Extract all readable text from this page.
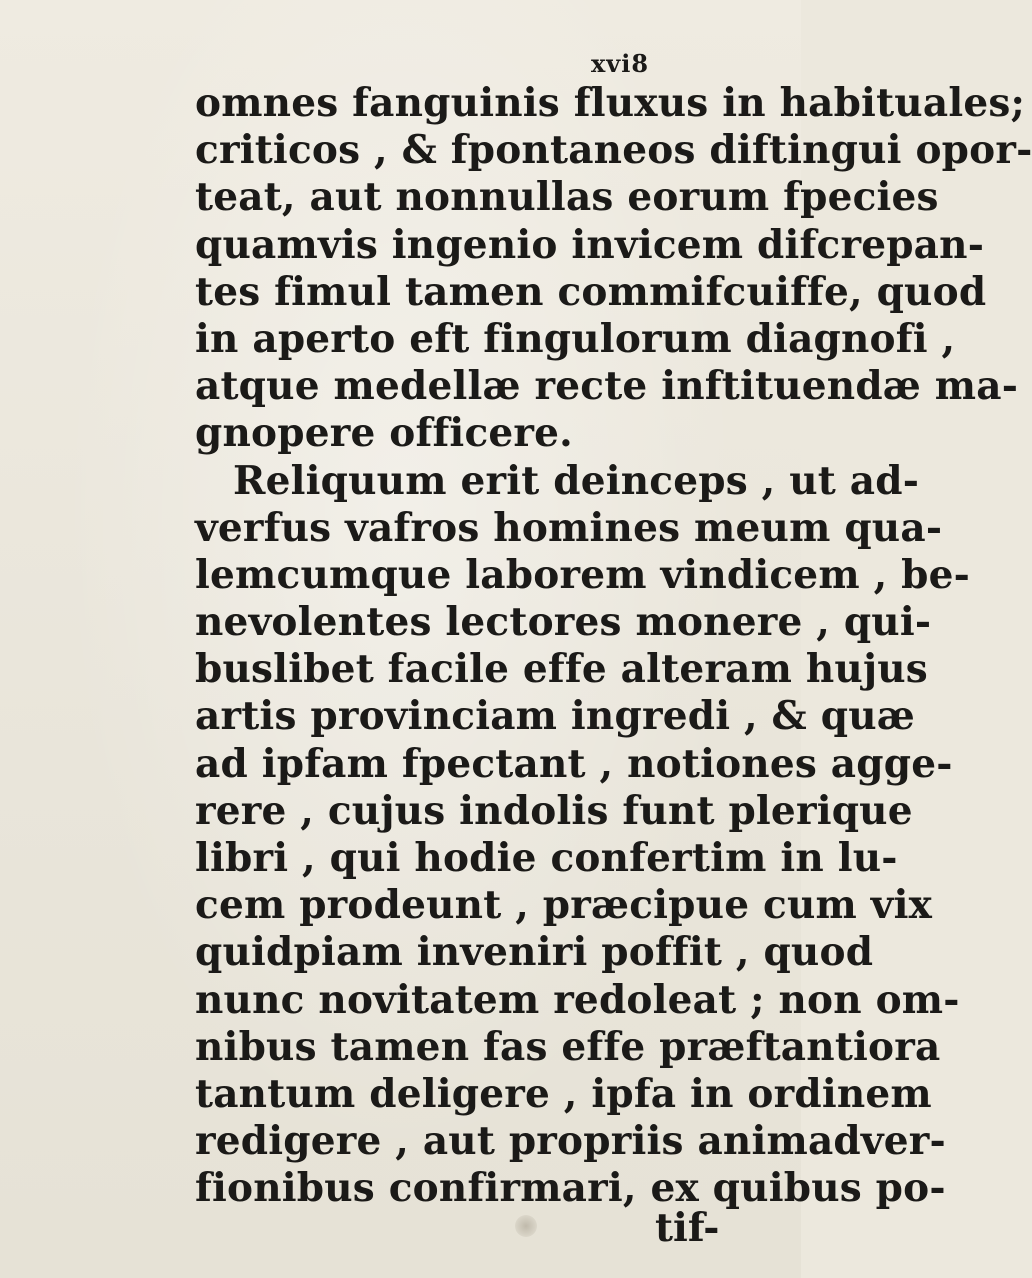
xvi8
omnes fanguinis fluxus in habituales;
criticos , & fpontaneos diftingui opor-
teat, aut nonnullas eorum fpecies
quamvis ingenio invicem difcrepan-
tes fimul tamen commifcuiffe, quod
in aperto eft fingulorum diagnofi ,
atque medellæ recte inftituendæ ma-
gnopere officere.
Reliquum erit deinceps , ut ad-
verfus vafros homines meum qua-
lemcumque laborem vindicem , be-
nevolentes lectores monere , qui-
buslibet facile effe alteram hujus
artis provinciam ingredi , & quæ
ad ipfam fpectant , notiones agge-
rere , cujus indolis funt plerique
libri , qui hodie confertim in lu-
cem prodeunt , præcipue cum vix
quidpiam inveniri poffit , quod
nunc novitatem redoleat ; non om-
nibus tamen fas effe præftantiora
tantum deligere , ipfa in ordinem
redigere , aut propriis animadver-
fionibus confirmari, ex quibus po-
tif-
